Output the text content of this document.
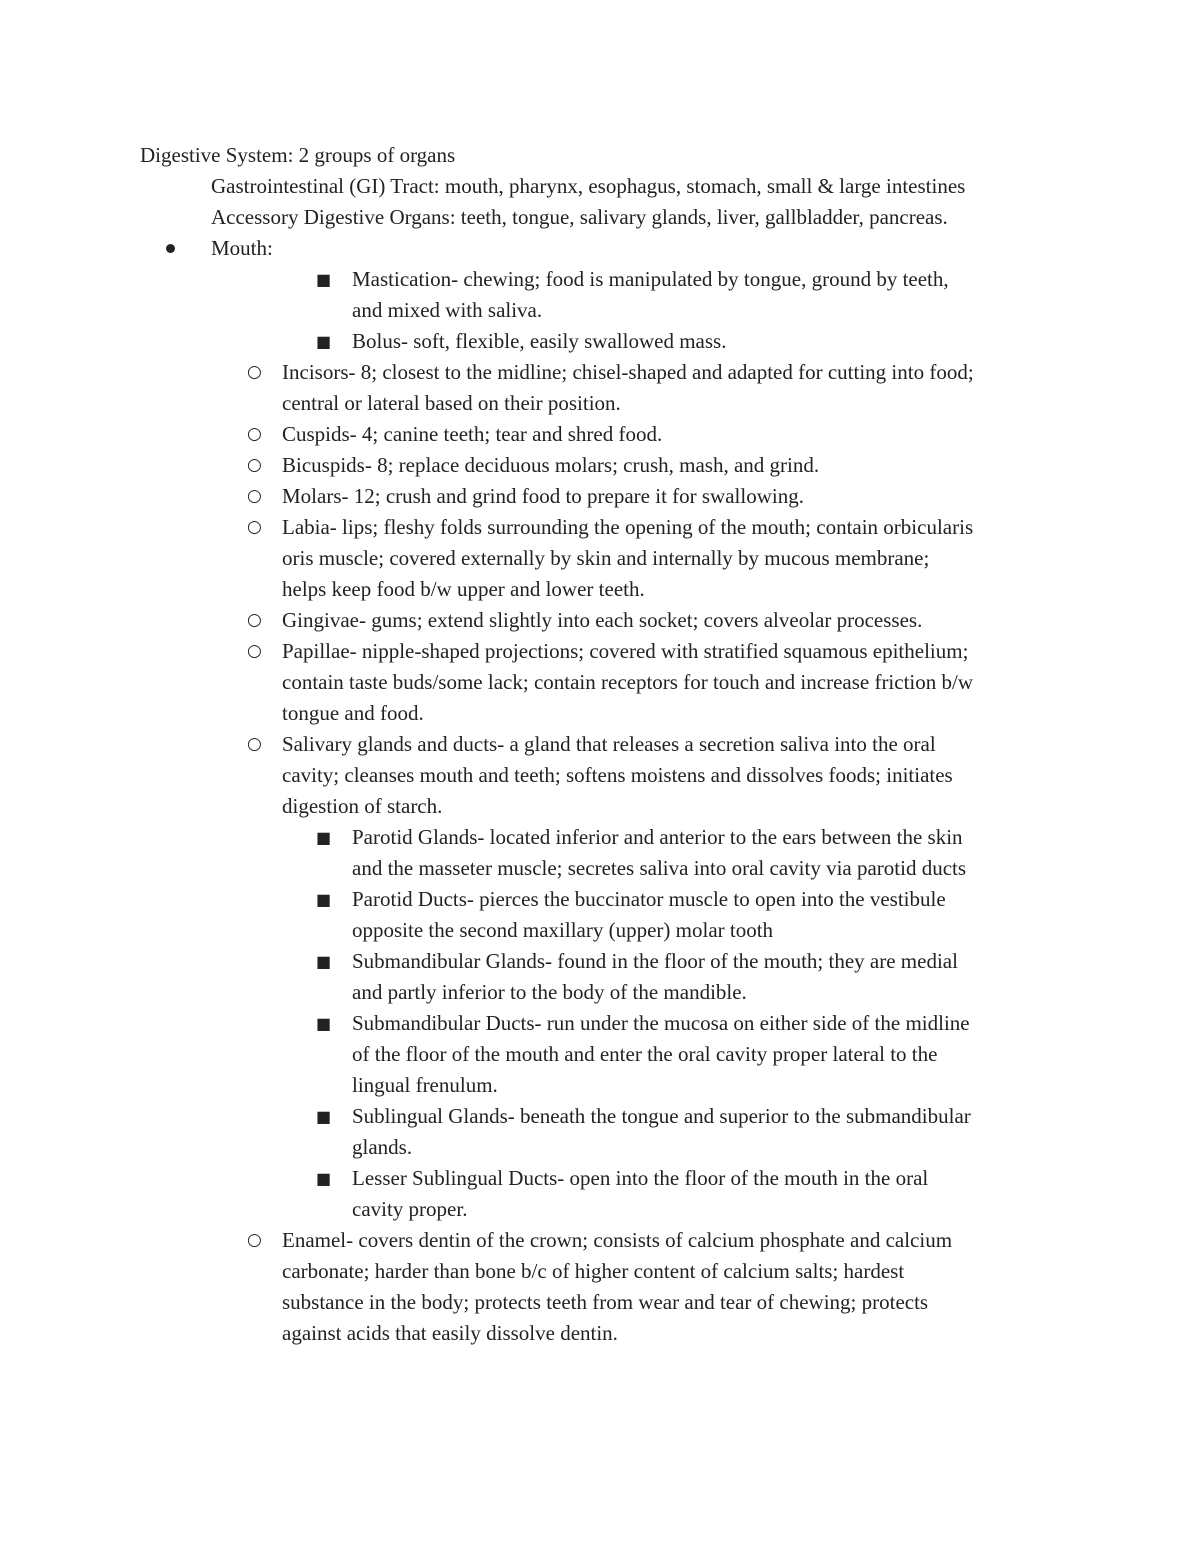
Digestive System: 2 groups of organs
Gastrointestinal (GI) Tract: mouth, pharynx, esophagus, stomach, small & large intestines
Accessory Digestive Organs: teeth, tongue, salivary glands, liver, gallbladder, pancreas.
Mouth:
■ Mastication- chewing; food is manipulated by tongue, ground by teeth,
and mixed with saliva.
■ Bolus- soft, flexible, easily swallowed mass.
○ Incisors- 8; closest to the midline; chisel-shaped and adapted for cutting into food;
central or lateral based on their position.
○ Cuspids- 4; canine teeth; tear and shred food.
○ Bicuspids- 8; replace deciduous molars; crush, mash, and grind.
○ Molars- 12; crush and grind food to prepare it for swallowing.
○ Labia- lips; fleshy folds surrounding the opening of the mouth; contain orbicularis
oris muscle; covered externally by skin and internally by mucous membrane;
helps keep food b/w upper and lower teeth.
○ Gingivae- gums; extend slightly into each socket; covers alveolar processes.
○ Papillae- nipple-shaped projections; covered with stratified squamous epithelium;
contain taste buds/some lack; contain receptors for touch and increase friction b/w
tongue and food.
○ Salivary glands and ducts- a gland that releases a secretion saliva into the oral
cavity; cleanses mouth and teeth; softens moistens and dissolves foods; initiates
digestion of starch.
■ Parotid Glands- located inferior and anterior to the ears between the skin
and the masseter muscle; secretes saliva into oral cavity via parotid ducts
■ Parotid Ducts- pierces the buccinator muscle to open into the vestibule
opposite the second maxillary (upper) molar tooth
■ Submandibular Glands- found in the floor of the mouth; they are medial
and partly inferior to the body of the mandible.
■ Submandibular Ducts- run under the mucosa on either side of the midline
of the floor of the mouth and enter the oral cavity proper lateral to the
lingual frenulum.
■ Sublingual Glands- beneath the tongue and superior to the submandibular
glands.
■ Lesser Sublingual Ducts- open into the floor of the mouth in the oral
cavity proper.
○ Enamel- covers dentin of the crown; consists of calcium phosphate and calcium
carbonate; harder than bone b/c of higher content of calcium salts; hardest
substance in the body; protects teeth from wear and tear of chewing; protects
against acids that easily dissolve dentin.
